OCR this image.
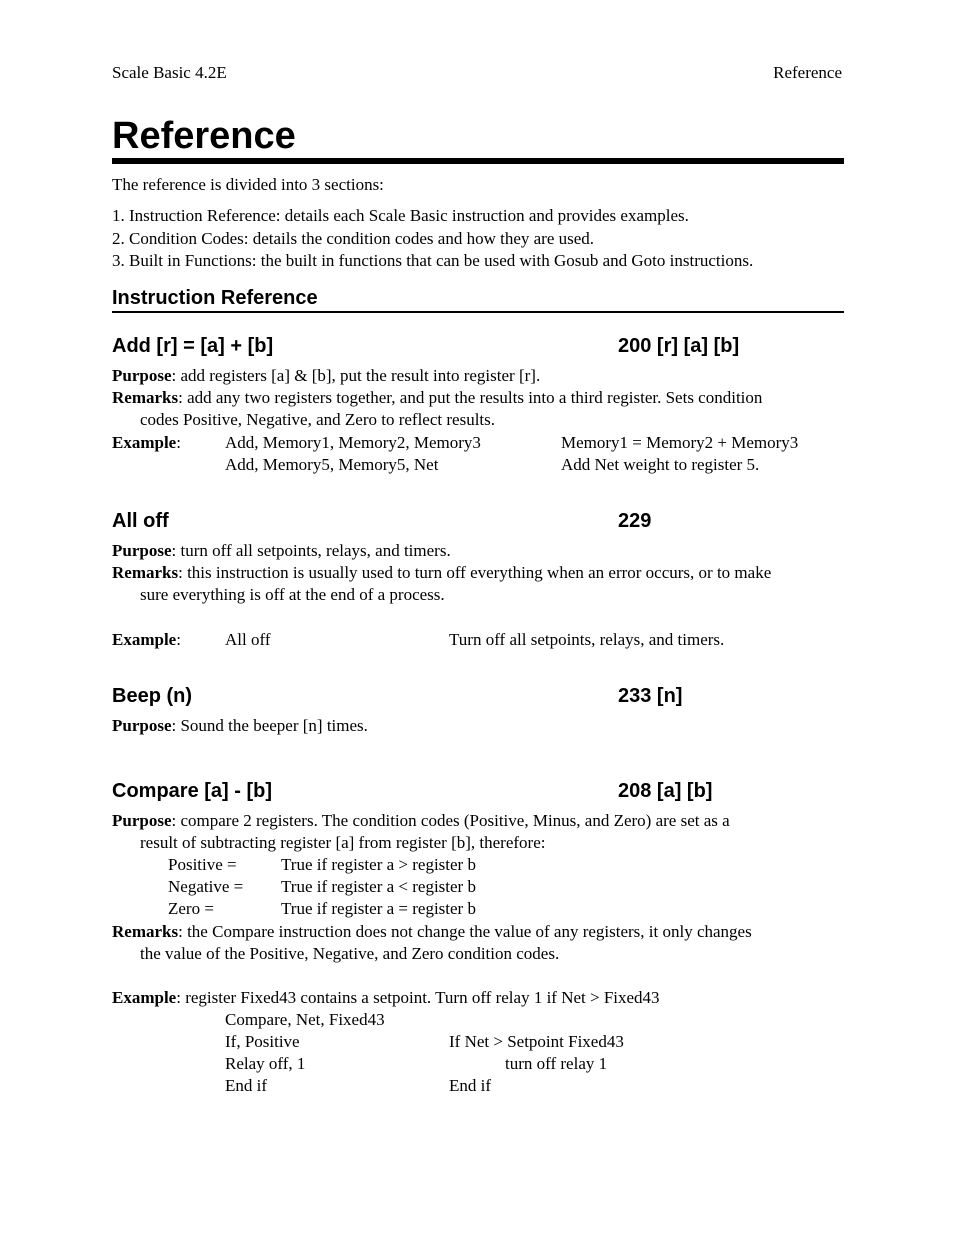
Scale Basic 4.2E	Reference
Reference
The reference is divided into 3 sections:
1. Instruction Reference: details each Scale Basic instruction and provides examples.
2. Condition Codes: details the condition codes and how they are used.
3. Built in Functions: the built in functions that can be used with Gosub and Goto instructions.
Instruction Reference
Add [r] = [a] + [b]	200 [r] [a] [b]
Purpose: add registers [a] & [b], put the result into register [r].
Remarks: add any two registers together, and put the results into a third register. Sets condition
codes Positive, Negative, and Zero to reflect results.
Example:	Add, Memory1, Memory2, Memory3	Memory1 = Memory2 + Memory3
Add, Memory5, Memory5, Net	Add Net weight to register 5.
All off	229
Purpose: turn off all setpoints, relays, and timers.
Remarks: this instruction is usually used to turn off everything when an error occurs, or to make
sure everything is off at the end of a process.
Example:	All off	Turn off all setpoints, relays, and timers.
Beep (n)	233 [n]
Purpose: Sound the beeper [n] times.
Compare [a] - [b]	208 [a] [b]
Purpose: compare 2 registers. The condition codes (Positive, Minus, and Zero) are set as a
result of subtracting register [a] from register [b], therefore:
Positive =	True if register a > register b
Negative = True if register a < register b
Zero =	True if register a = register b
Remarks: the Compare instruction does not change the value of any registers, it only changes
the value of the Positive, Negative, and Zero condition codes.
Example: register Fixed43 contains a setpoint. Turn off relay 1 if Net > Fixed43
Compare, Net, Fixed43
If, Positive	If Net > Setpoint Fixed43
Relay off, 1	turn off relay 1
End if	End if
